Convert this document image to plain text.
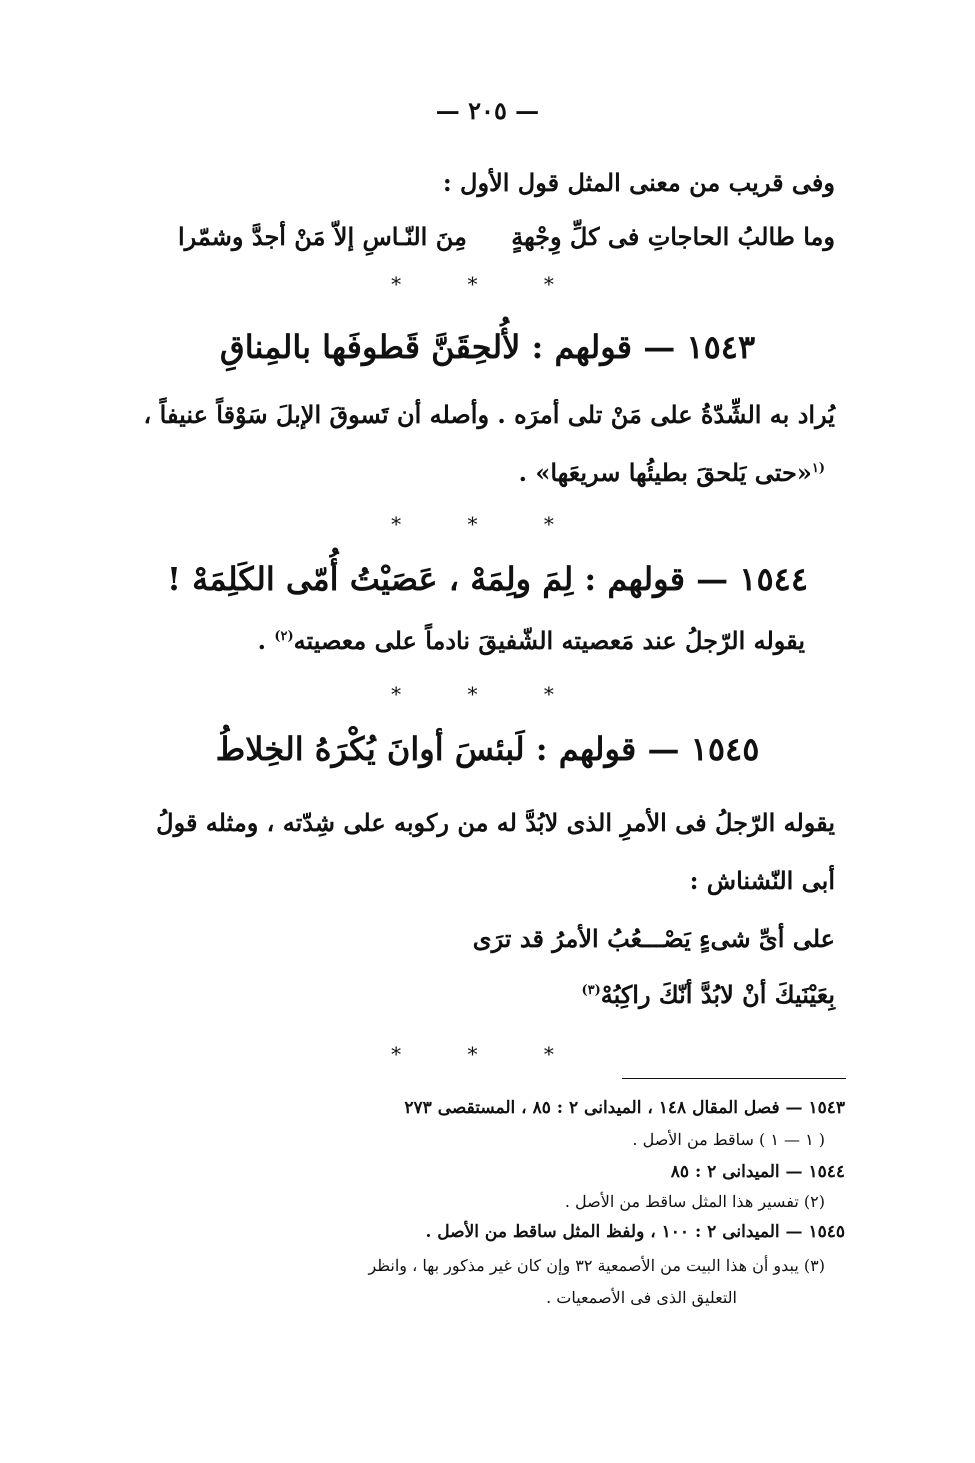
— ٢٠٥ —
وفى قريب من معنى المثل قول الأول :
وما طالبُ الحاجاتِ فى كلِّ وِجْهةٍ
مِنَ النّـاسِ إلاّ مَنْ أجدَّ وشمّرا
* * *
١٥٤٣ — قولهم : لأُلحِقَنَّ قَطوفَها بالمِناقِ
يُراد به الشِّدّةُ على مَنْ تلى أمرَه . وأصله أن تَسوقَ الإبلَ سَوْقاً عنيفاً ،
$^{(١}$«حتى يَلحقَ بطيئُها سريعَها» .
* * *
١٥٤٤ — قولهم : لِمَ ولِمَهْ ، عَصَيْتُ أُمّى الكَلِمَهْ !
يقوله الرّجلُ عند مَعصيته الشّفيقَ نادماً على معصيته$^{(٢)}$ .
* * *
١٥٤٥ — قولهم : لَبئسَ أوانَ يُكْرَهُ الخِلاطُ
يقوله الرّجلُ فى الأمرِ الذى لابُدَّ له من ركوبه على شِدّته ، ومثله قولُ
أبى النّشناش :
على أىِّ شىءٍ يَصْـــعُبُ الأمرُ قد ترَى
بِعَيْنَيكَ أنْ لابُدَّ أنّكَ راكِبُهْ$^{(٣)}$
* * *
١٥٤٣ — فصل المقال ١٤٨ ، الميدانى ٢ : ٨٥ ، المستقصى ٢٧٣
( ١ — ١ ) ساقط من الأصل .
١٥٤٤ — الميدانى ٢ : ٨٥
(٢) تفسير هذا المثل ساقط من الأصل .
١٥٤٥ — الميدانى ٢ : ١٠٠ ، ولفظ المثل ساقط من الأصل .
(٣) يبدو أن هذا البيت من الأصمعية ٣٢ وإن كان غير مذكور بها ، وانظر
التعليق الذى فى الأصمعيات .
